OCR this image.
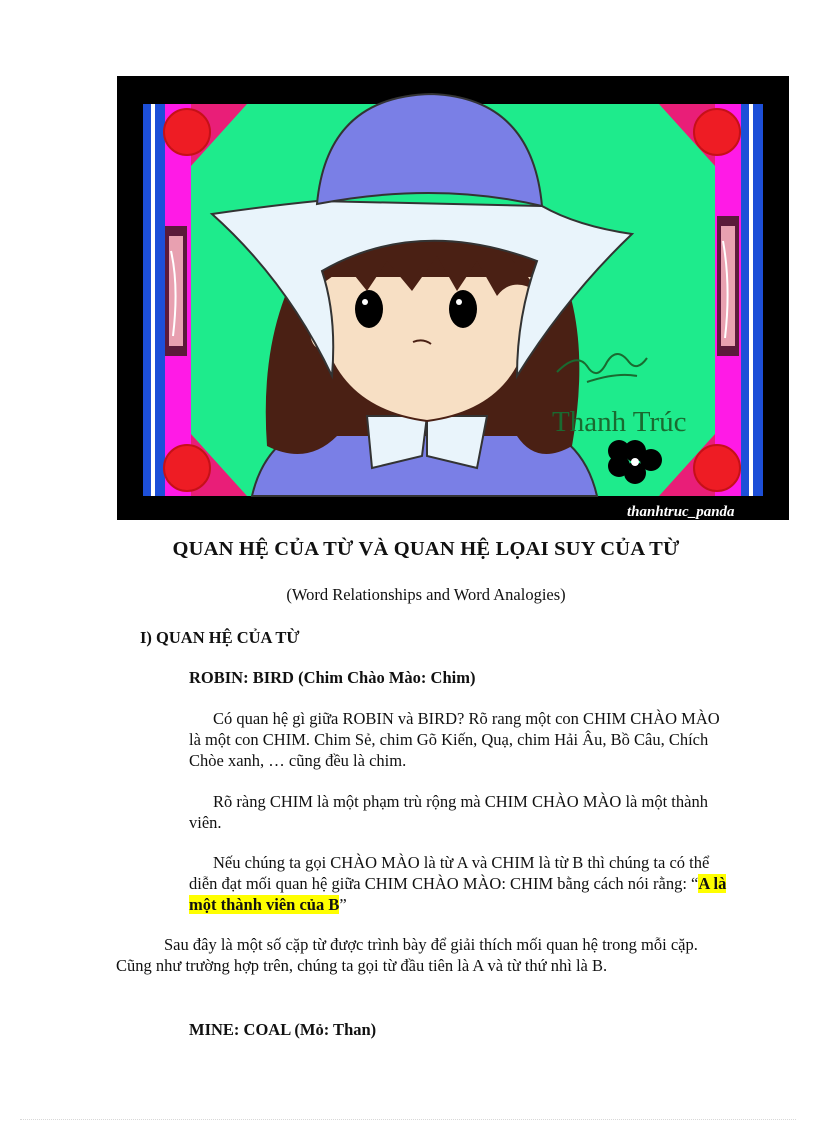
Thanh Trúc
thanhtruc_panda
QUAN HỆ CỦA TỪ VÀ QUAN HỆ LỌAI SUY CỦA TỪ
(Word Relationships and Word Analogies)
I) QUAN HỆ CỦA TỪ
ROBIN: BIRD (Chim Chào Mào: Chim)
Có quan hệ gì giữa ROBIN và BIRD? Rõ rang một con CHIM CHÀO MÀO là một con CHIM. Chim Sẻ, chim Gõ Kiến, Quạ, chim Hải Âu, Bồ Câu, Chích Chòe xanh, … cũng đều là chim.
Rõ ràng CHIM là một phạm trù rộng mà CHIM CHÀO MÀO là một thành viên.
Nếu chúng ta gọi CHÀO MÀO là từ A và CHIM là từ B thì chúng ta có thể diễn đạt mối quan hệ giữa CHIM CHÀO MÀO: CHIM bằng cách nói rằng: “A là một thành viên của B”
Sau đây là một số cặp từ được trình bày để giải thích mối quan hệ trong mỗi cặp. Cũng như trường hợp trên, chúng ta gọi từ đầu tiên là A và từ thứ nhì là B.
MINE: COAL (Mỏ: Than)
